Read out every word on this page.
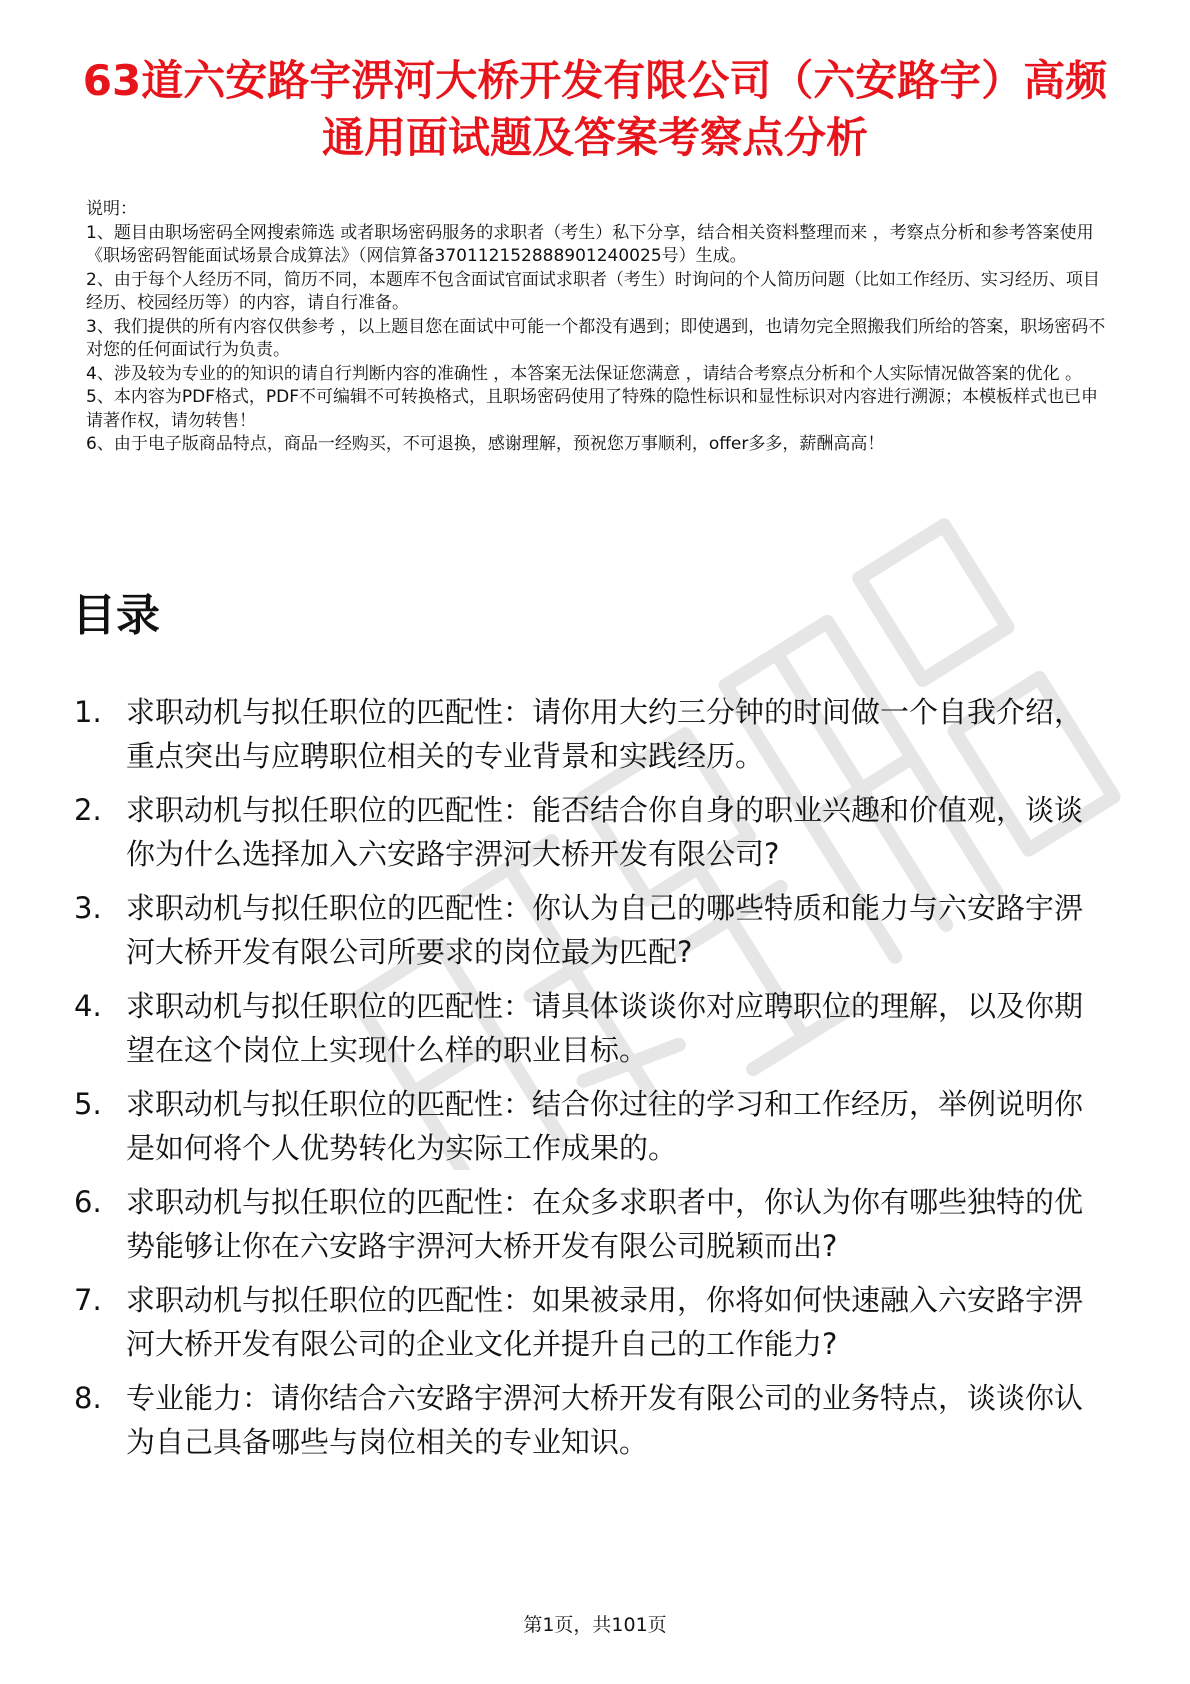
63道六安路宇淠河大桥开发有限公司（六安路宇）高频通用面试题及答案考察点分析

说明：

1、题目由职场密码全网搜索筛选 或者职场密码服务的求职者（考生）私下分享，结合相关资料整理而来 ，考察点分析和参考答案使用《职场密码智能面试场景合成算法》（网信算备370112152888901240025号）生成。

2、由于每个人经历不同，简历不同，本题库不包含面试官面试求职者（考生）时询问的个人简历问题（比如工作经历、实习经历、项目经历、校园经历等）的内容，请自行准备。

3、我们提供的所有内容仅供参考 ，以上题目您在面试中可能一个都没有遇到；即使遇到，也请勿完全照搬我们所给的答案，职场密码不对您的任何面试行为负责。

4、涉及较为专业的的知识的请自行判断内容的准确性 ，本答案无法保证您满意 ，请结合考察点分析和个人实际情况做答案的优化 。

5、本内容为PDF格式，PDF不可编辑不可转换格式，且职场密码使用了特殊的隐性标识和显性标识对内容进行溯源；本模板样式也已申请著作权，请勿转售！

6、由于电子版商品特点，商品一经购买，不可退换，感谢理解，预祝您万事顺利，offer多多，薪酬高高！

目录
1. 求职动机与拟任职位的匹配性：请你用大约三分钟的时间做一个自我介绍，重点突出与应聘职位相关的专业背景和实践经历。
2. 求职动机与拟任职位的匹配性：能否结合你自身的职业兴趣和价值观，谈谈你为什么选择加入六安路宇淠河大桥开发有限公司?
3. 求职动机与拟任职位的匹配性：你认为自己的哪些特质和能力与六安路宇淠河大桥开发有限公司所要求的岗位最为匹配?
4. 求职动机与拟任职位的匹配性：请具体谈谈你对应聘职位的理解，以及你期望在这个岗位上实现什么样的职业目标。
5. 求职动机与拟任职位的匹配性：结合你过往的学习和工作经历，举例说明你是如何将个人优势转化为实际工作成果的。
6. 求职动机与拟任职位的匹配性：在众多求职者中，你认为你有哪些独特的优势能够让你在六安路宇淠河大桥开发有限公司脱颖而出?
7. 求职动机与拟任职位的匹配性：如果被录用，你将如何快速融入六安路宇淠河大桥开发有限公司的企业文化并提升自己的工作能力?
8. 专业能力：请你结合六安路宇淠河大桥开发有限公司的业务特点，谈谈你认为自己具备哪些与岗位相关的专业知识。
第1页，共101页
